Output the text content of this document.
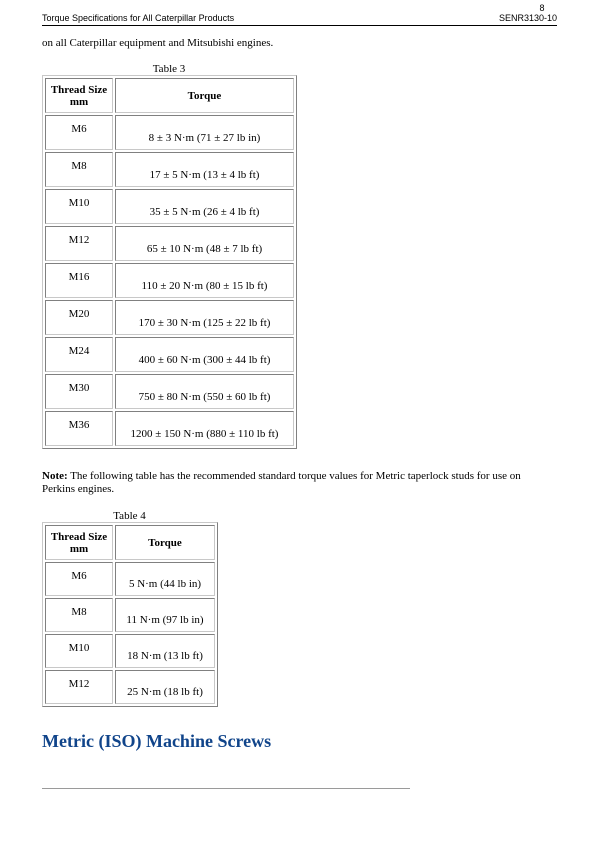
8
Torque Specifications for All Caterpillar Products	SENR3130-10
on all Caterpillar equipment and Mitsubishi engines.
Table 3
Thread Size mm	Torque
M6	8 ± 3 N·m (71 ± 27 lb in)
M8	17 ± 5 N·m (13 ± 4 lb ft)
M10	35 ± 5 N·m (26 ± 4 lb ft)
M12	65 ± 10 N·m (48 ± 7 lb ft)
M16	110 ± 20 N·m (80 ± 15 lb ft)
M20	170 ± 30 N·m (125 ± 22 lb ft)
M24	400 ± 60 N·m (300 ± 44 lb ft)
M30	750 ± 80 N·m (550 ± 60 lb ft)
M36	1200 ± 150 N·m (880 ± 110 lb ft)
Note: The following table has the recommended standard torque values for Metric taperlock studs for use on Perkins engines.
Table 4
Thread Size mm	Torque
M6	5 N·m (44 lb in)
M8	11 N·m (97 lb in)
M10	18 N·m (13 lb ft)
M12	25 N·m (18 lb ft)
Metric (ISO) Machine Screws
